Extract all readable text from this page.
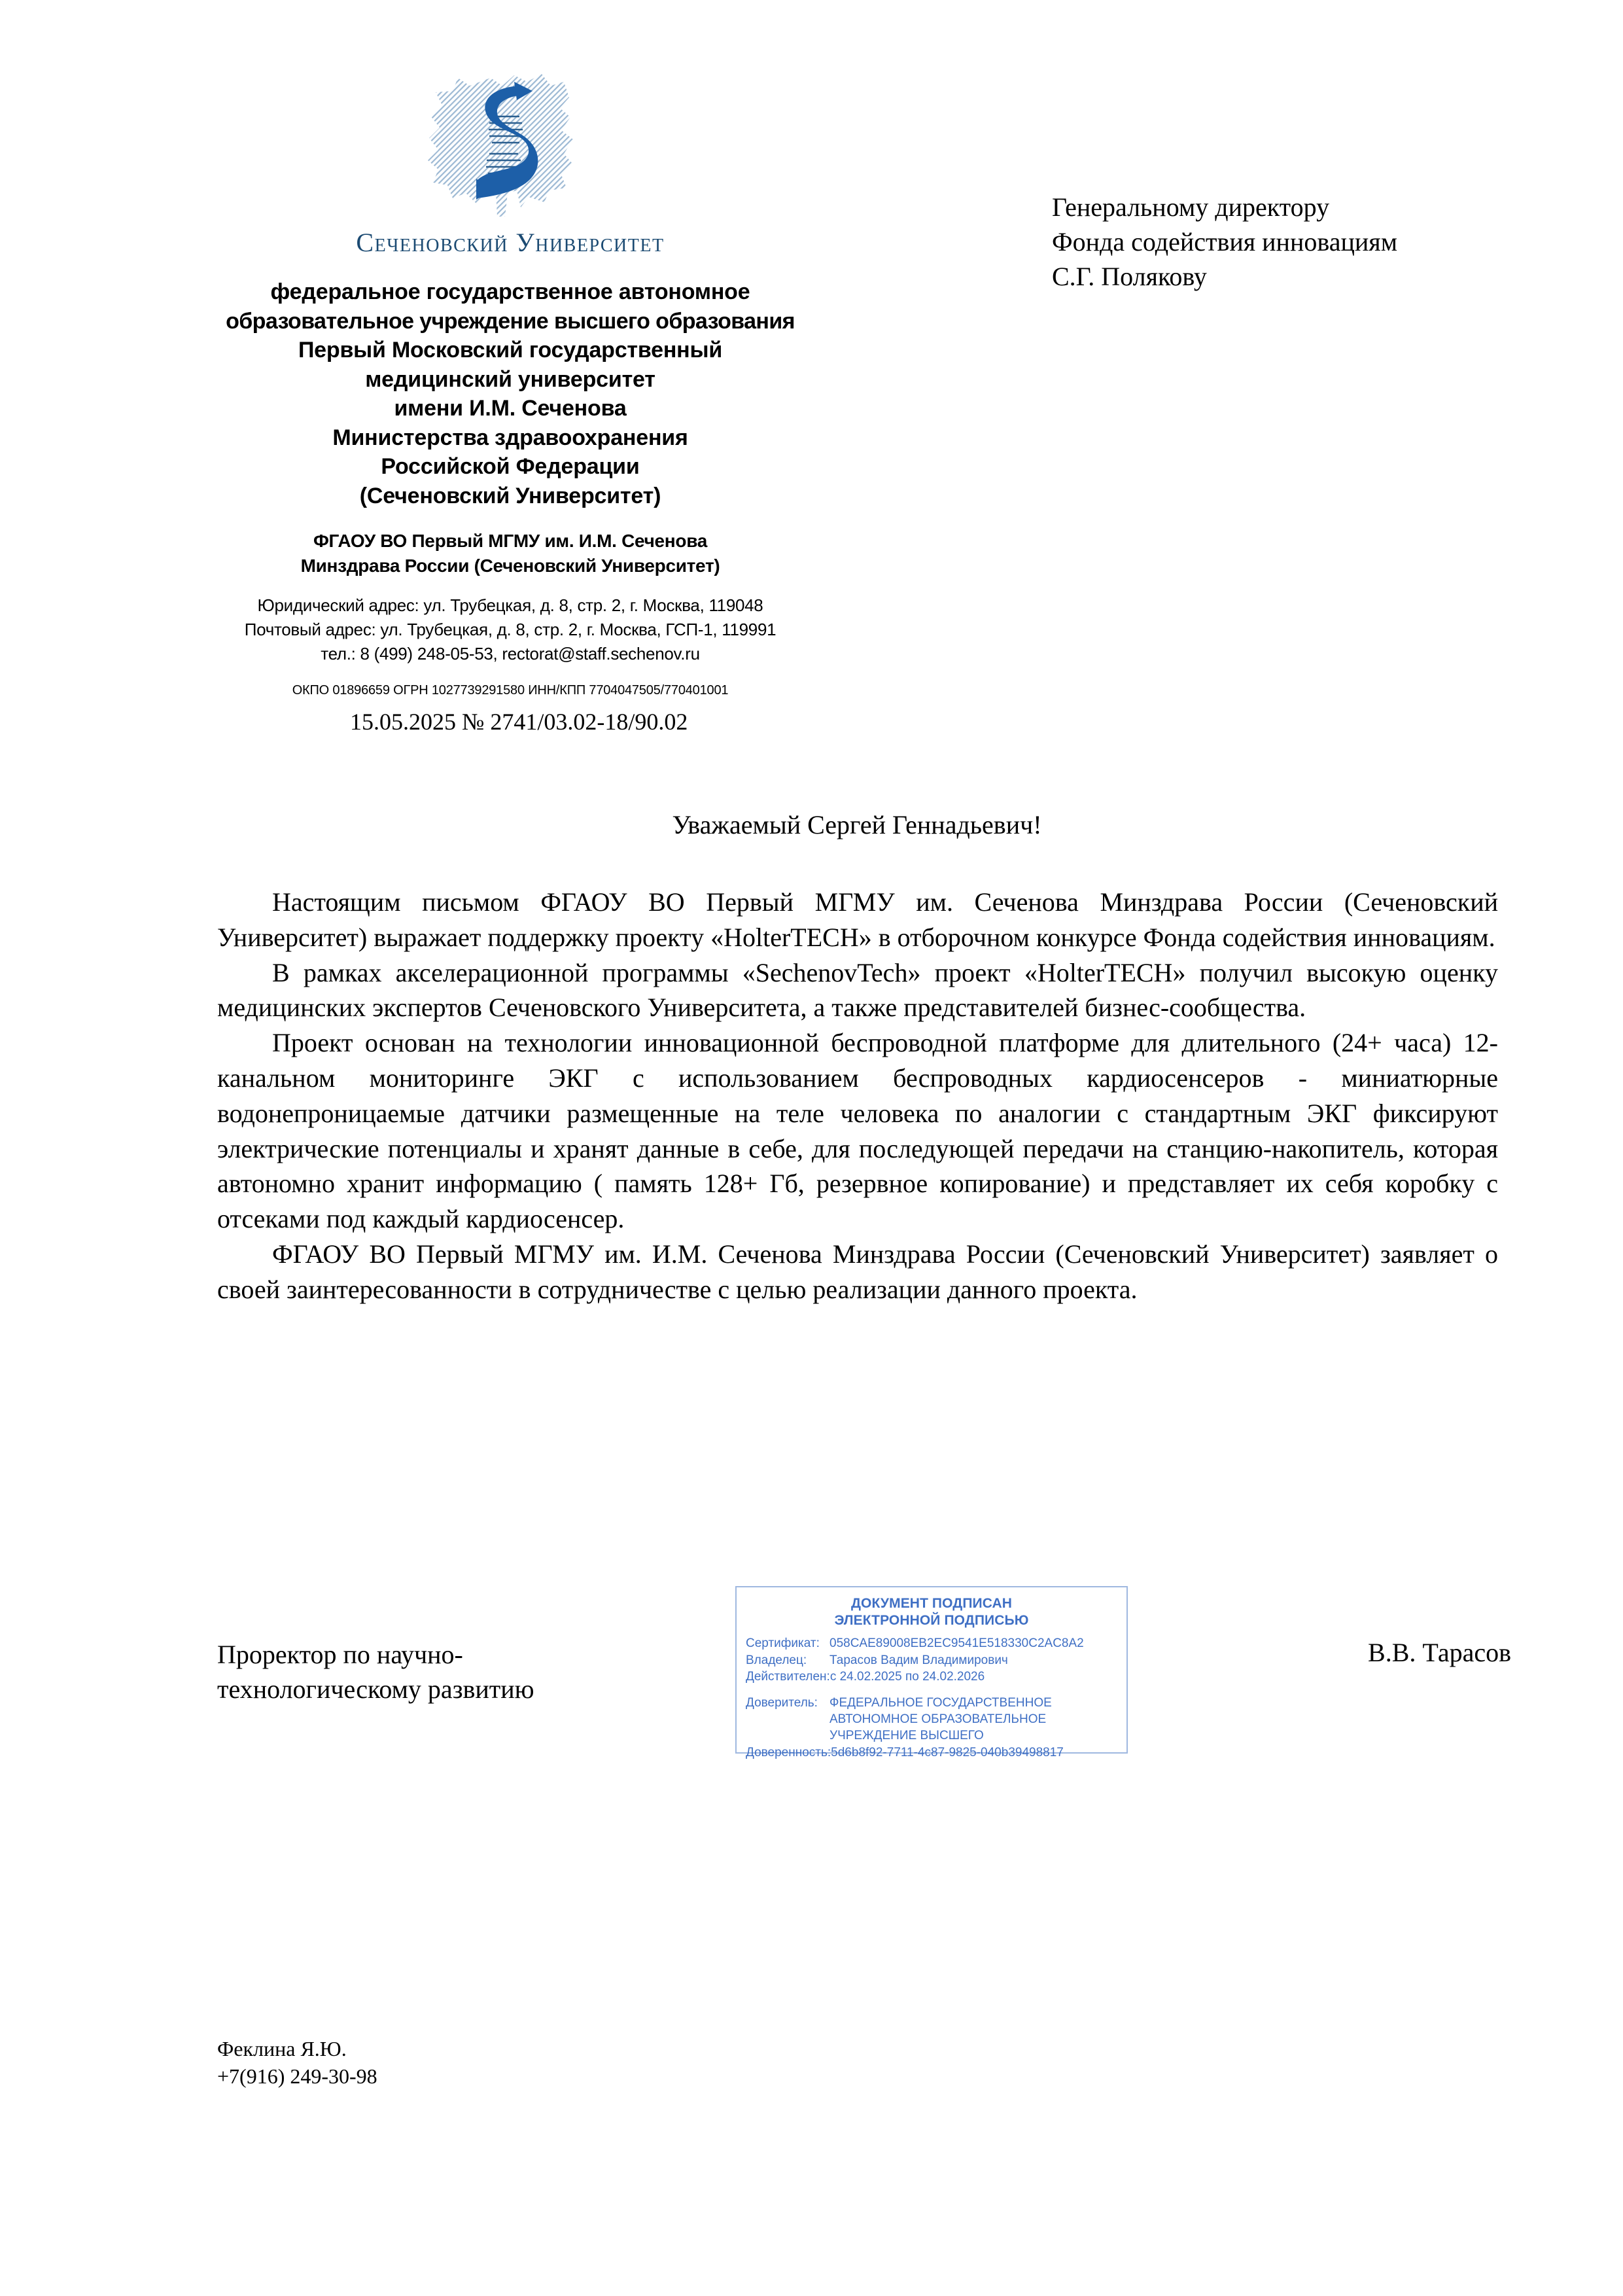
Сеченовский Университет
федеральное государственное автономное
образовательное учреждение высшего образования
Первый Московский государственный
медицинский университет
имени И.М. Сеченова
Министерства здравоохранения
Российской Федерации
(Сеченовский Университет)
ФГАОУ ВО Первый МГМУ им. И.М. Сеченова
Минздрава России (Сеченовский Университет)
Юридический адрес: ул. Трубецкая, д. 8, стр. 2, г. Москва, 119048
Почтовый адрес: ул. Трубецкая, д. 8, стр. 2, г. Москва, ГСП-1, 119991
тел.: 8 (499) 248-05-53, rectorat@staff.sechenov.ru
ОКПО 01896659 ОГРН 1027739291580 ИНН/КПП 7704047505/770401001
Генеральному директору
Фонда содействия инновациям
С.Г. Полякову
15.05.2025 № 2741/03.02-18/90.02
Уважаемый Сергей Геннадьевич!

Настоящим письмом ФГАОУ ВО Первый МГМУ им. Сеченова Минздрава России (Сеченовский Университет) выражает поддержку проекту «HolterTECH» в отборочном конкурсе Фонда содействия инновациям.

В рамках акселерационной программы «SechenovTech» проект «HolterTECH» получил высокую оценку медицинских экспертов Сеченовского Университета, а также представителей бизнес-сообщества.

Проект основан на технологии инновационной беспроводной платформе для длительного (24+ часа) 12-канальном мониторинге ЭКГ с использованием беспроводных кардиосенсеров - миниатюрные водонепроницаемые датчики размещенные на теле человека по аналогии с стандартным ЭКГ фиксируют электрические потенциалы и хранят данные в себе, для последующей передачи на станцию-накопитель, которая автономно хранит информацию ( память 128+ Гб, резервное копирование) и представляет их себя коробку с отсеками под каждый кардиосенсер.

ФГАОУ ВО Первый МГМУ им. И.М. Сеченова Минздрава России (Сеченовский Университет) заявляет о своей заинтересованности в сотрудничестве с целью реализации данного проекта.

Проректор по научно-
технологическому развитию
В.В. Тарасов
ДОКУМЕНТ ПОДПИСАН
ЭЛЕКТРОННОЙ ПОДПИСЬЮ
Сертификат: 058CAE89008EB2EC9541E518330C2AC8A2
Владелец:	Тарасов Вадим Владимирович
Действителен: с 24.02.2025 по 24.02.2026
Доверитель: ФЕДЕРАЛЬНОЕ ГОСУДАРСТВЕННОЕ АВТОНОМНОЕ ОБРАЗОВАТЕЛЬНОЕ УЧРЕЖДЕНИЕ ВЫСШЕГО
Доверенность: 5d6b8f92-7711-4c87-9825-040b39498817
Феклина Я.Ю.
+7(916) 249-30-98
